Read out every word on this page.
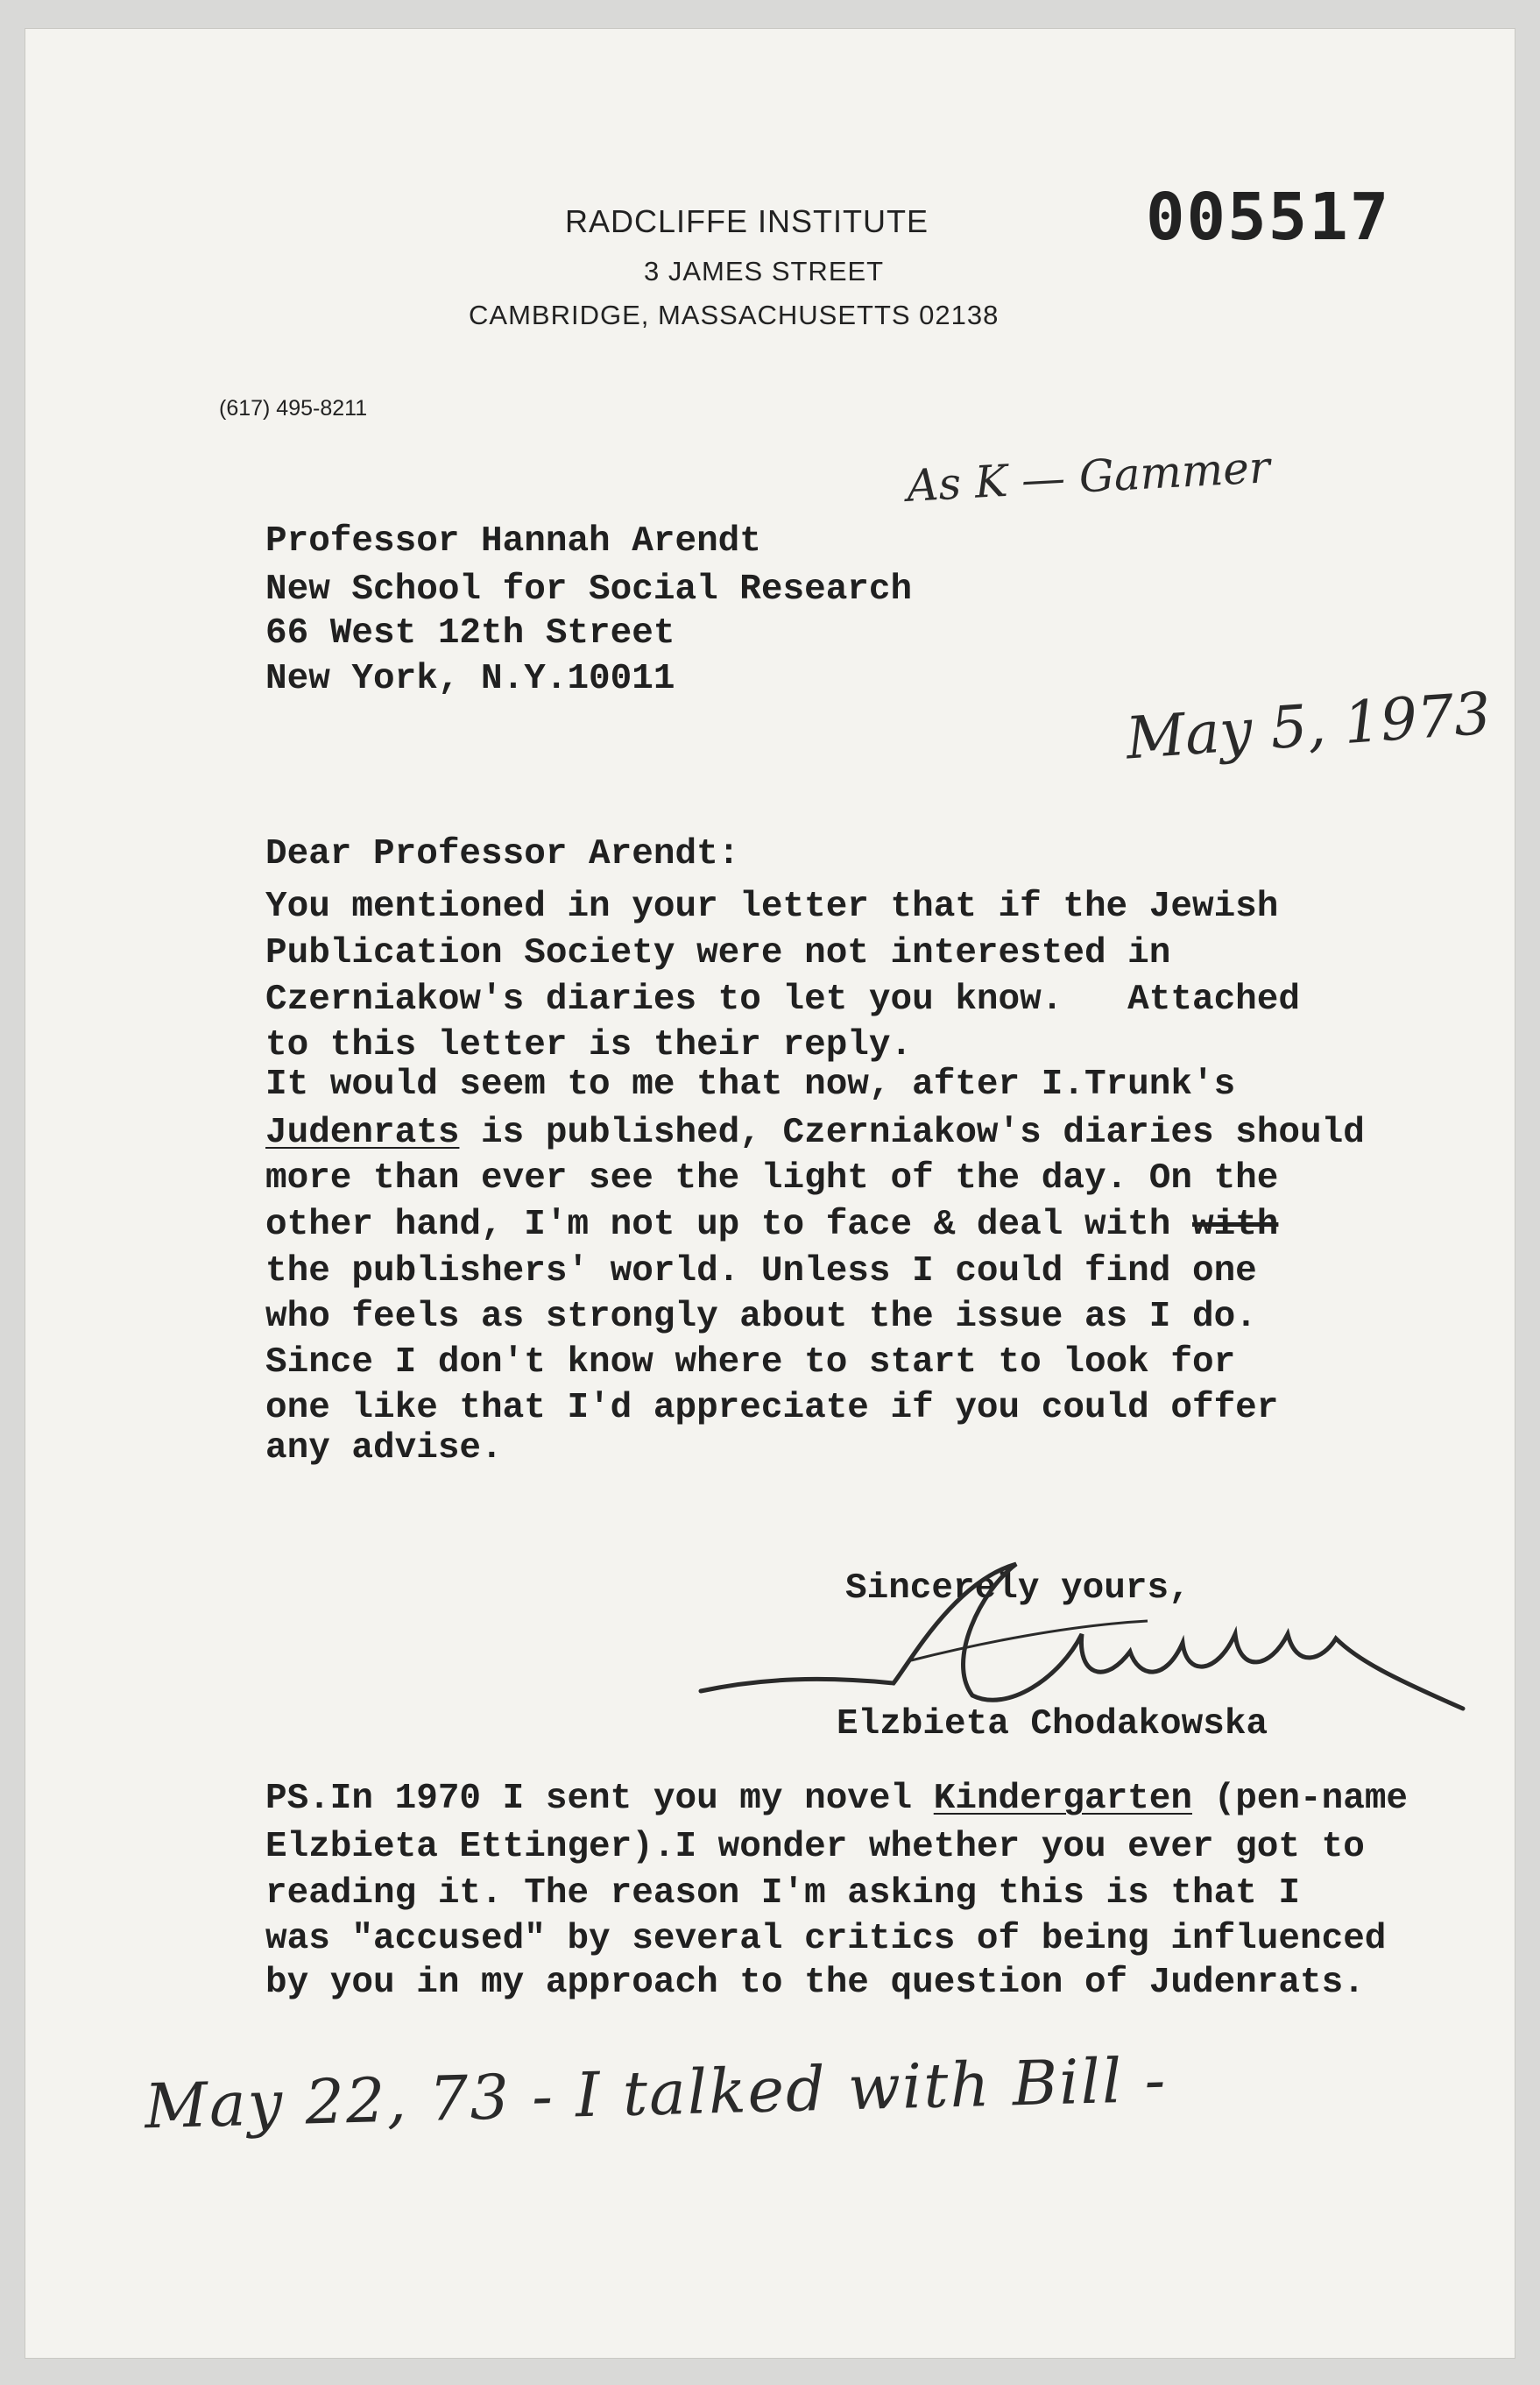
RADCLIFFE INSTITUTE
3 JAMES STREET
CAMBRIDGE, MASSACHUSETTS 02138
(617) 495-8211
005517
As K — Gammer
May 5, 1973
Professor Hannah Arendt
New School for Social Research
66 West 12th Street
New York, N.Y.10011
Dear Professor Arendt:
You mentioned in your letter that if the Jewish
Publication Society were not interested in
Czerniakow's diaries to let you know.   Attached
to this letter is their reply.
It would seem to me that now, after I.Trunk's
Judenrats is published, Czerniakow's diaries should
more than ever see the light of the day. On the
other hand, I'm not up to face & deal with with
the publishers' world. Unless I could find one
who feels as strongly about the issue as I do.
Since I don't know where to start to look for
one like that I'd appreciate if you could offer
any advise.
Sincerely yours,
Elzbieta Chodakowska
PS.In 1970 I sent you my novel Kindergarten (pen-name
Elzbieta Ettinger).I wonder whether you ever got to
reading it. The reason I'm asking this is that I
was "accused" by several critics of being influenced
by you in my approach to the question of Judenrats.
May 22, 73 - I talked with Bill -
